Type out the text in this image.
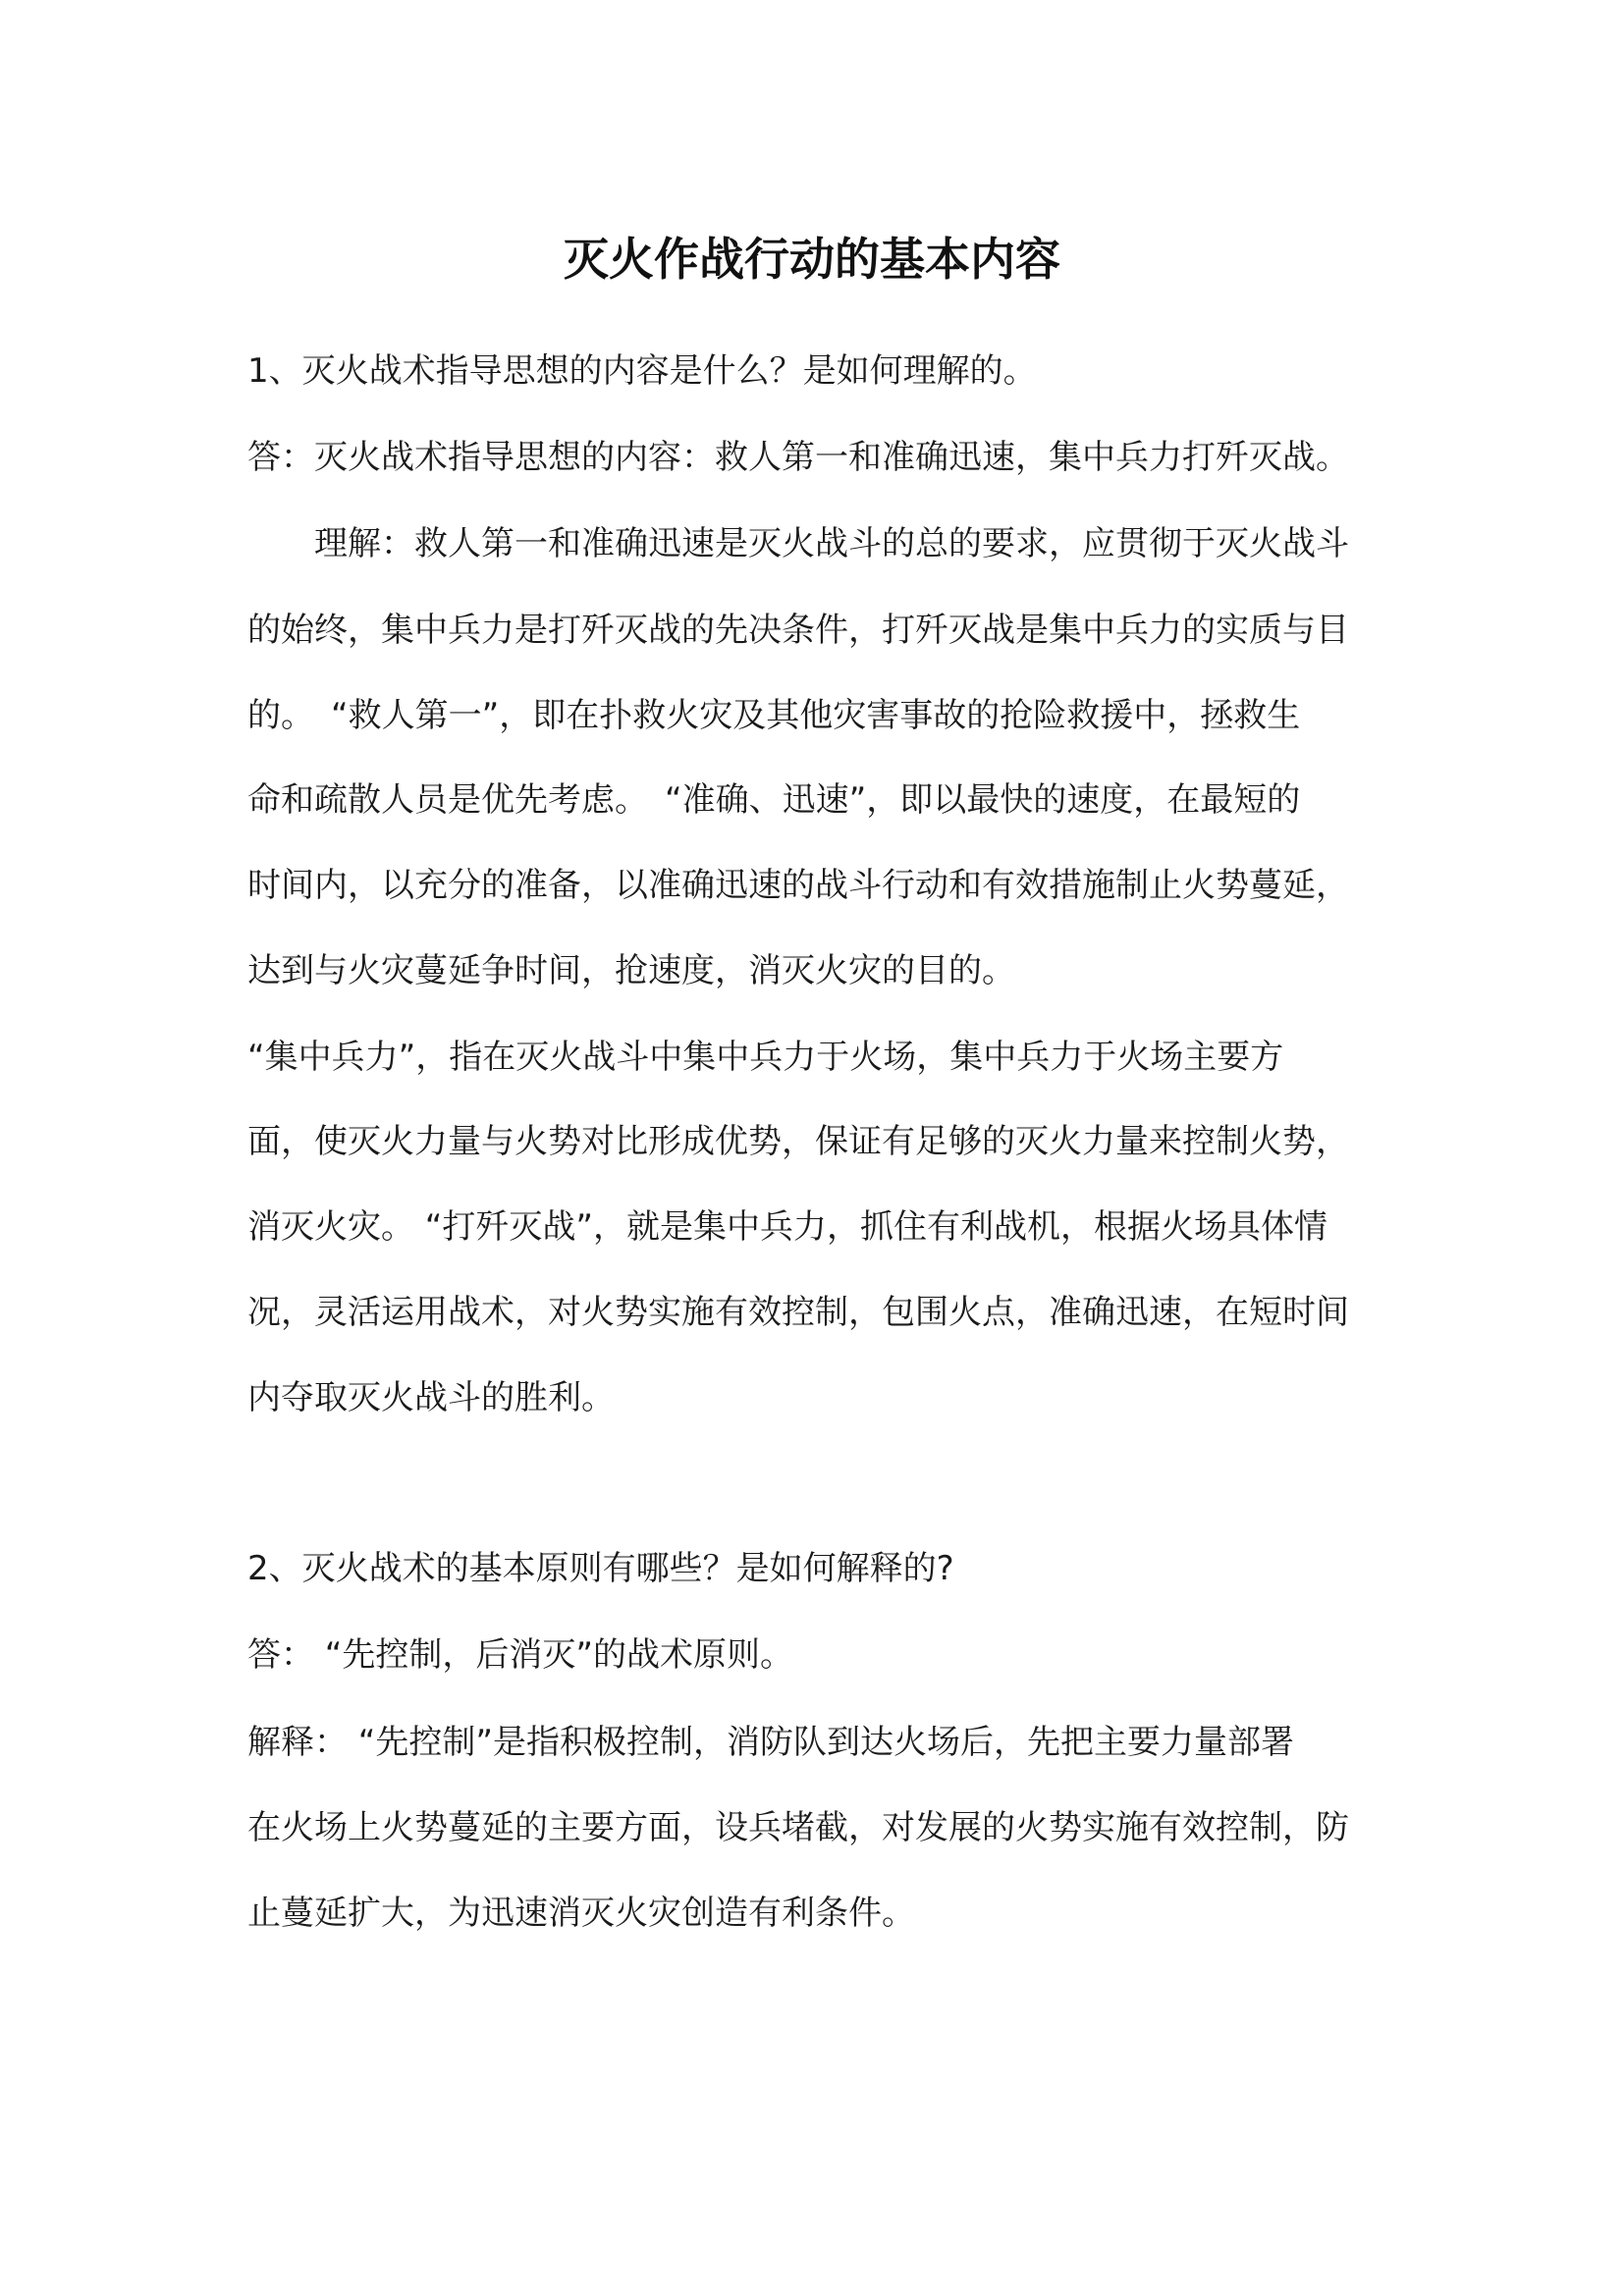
灭火作战行动的基本内容
1、灭火战术指导思想的内容是什么？是如何理解的。
答：灭火战术指导思想的内容：救人第一和准确迅速，集中兵力打歼灭战。
　　理解：救人第一和准确迅速是灭火战斗的总的要求，应贯彻于灭火战斗
的始终，集中兵力是打歼灭战的先决条件，打歼灭战是集中兵力的实质与目
的。　“救人第一”，即在扑救火灾及其他灾害事故的抢险救援中，拯救生
命和疏散人员是优先考虑。　“准确、迅速”，即以最快的速度，在最短的
时间内，以充分的准备，以准确迅速的战斗行动和有效措施制止火势蔓延，
达到与火灾蔓延争时间，抢速度，消灭火灾的目的。
“集中兵力”，指在灭火战斗中集中兵力于火场，集中兵力于火场主要方
面，使灭火力量与火势对比形成优势，保证有足够的灭火力量来控制火势，
消灭火灾。 “打歼灭战”，就是集中兵力，抓住有利战机，根据火场具体情
况，灵活运用战术，对火势实施有效控制，包围火点，准确迅速，在短时间
内夺取灭火战斗的胜利。
2、灭火战术的基本原则有哪些？是如何解释的?
答： “先控制，后消灭”的战术原则。
解释： “先控制”是指积极控制，消防队到达火场后，先把主要力量部署
在火场上火势蔓延的主要方面，设兵堵截，对发展的火势实施有效控制，防
止蔓延扩大，为迅速消灭火灾创造有利条件。
